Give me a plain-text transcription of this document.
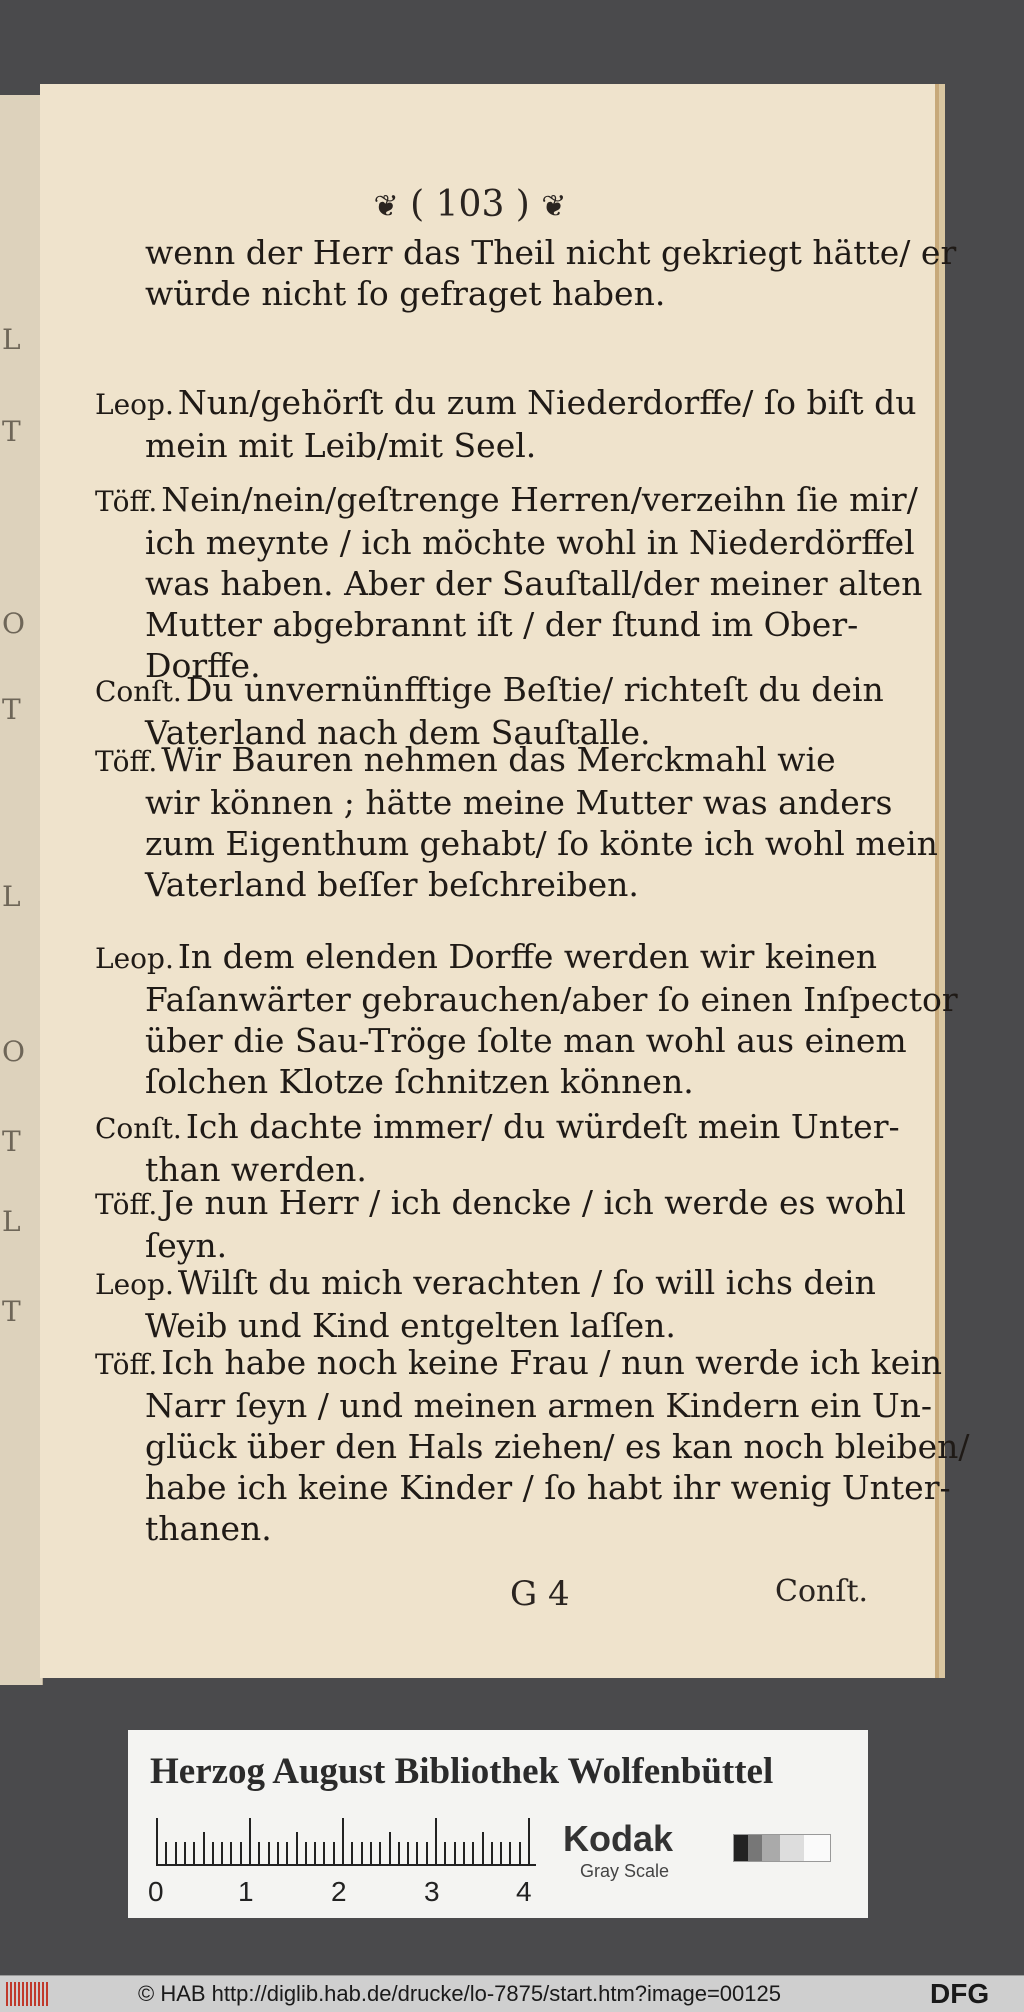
L
T
O
T
L
O
T
L
T
❦ ( 103 ) ❦
wenn der Herr das Theil nicht gekriegt hätte/ er
würde nicht ſo gefraget haben.
Leop. Nun/gehörſt du zum Niederdorffe/ ſo biſt du
mein mit Leib/mit Seel.
Töff. Nein/nein/geſtrenge Herren/verzeihn ſie mir/
ich meynte / ich möchte wohl in Niederdörffel
was haben. Aber der Sauſtall/der meiner alten
Mutter abgebrannt iſt / der ſtund im Ober-
Dorffe.
Conſt. Du unvernünfftige Beſtie/ richteſt du dein
Vaterland nach dem Sauſtalle.
Töff. Wir Bauren nehmen das Merckmahl wie
wir können ; hätte meine Mutter was anders
zum Eigenthum gehabt/ ſo könte ich wohl mein
Vaterland beſſer beſchreiben.
Leop. In dem elenden Dorffe werden wir keinen
Faſanwärter gebrauchen/aber ſo einen Inſpector
über die Sau-Tröge ſolte man wohl aus einem
ſolchen Klotze ſchnitzen können.
Conſt. Ich dachte immer/ du würdeſt mein Unter-
than werden.
Töff. Je nun Herr / ich dencke / ich werde es wohl
ſeyn.
Leop. Wilſt du mich verachten / ſo will ichs dein
Weib und Kind entgelten laſſen.
Töff. Ich habe noch keine Frau / nun werde ich kein
Narr ſeyn / und meinen armen Kindern ein Un-
glück über den Hals ziehen/ es kan noch bleiben/
habe ich keine Kinder / ſo habt ihr wenig Unter-
thanen.
G 4	Conſt.
Herzog August Bibliothek Wolfenbüttel
0	1	2	3	4
Kodak
Gray Scale
© HAB http://diglib.hab.de/drucke/lo-7875/start.htm?image=00125	DFG
